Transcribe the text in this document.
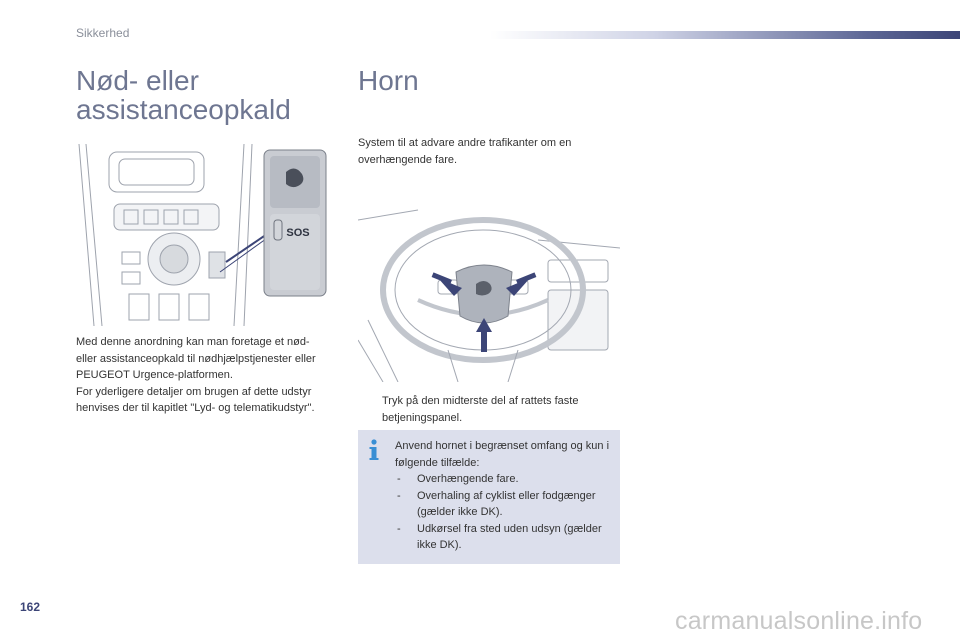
Sikkerhed
Nød- eller assistanceopkald
SOS
Med denne anordning kan man foretage et nød- eller assistanceopkald til nødhjælpstjenester eller PEUGEOT Urgence-platformen.
For yderligere detaljer om brugen af dette udstyr henvises der til kapitlet "Lyd- og telematikudstyr".
Horn
System til at advare andre trafikanter om en overhængende fare.
Tryk på den midterste del af rattets faste betjeningspanel.
Anvend hornet i begrænset omfang og kun i følgende tilfælde:
- Overhængende fare.
- Overhaling af cyklist eller fodgænger (gælder ikke DK).
- Udkørsel fra sted uden udsyn (gælder ikke DK).
162	carmanualsonline.info
